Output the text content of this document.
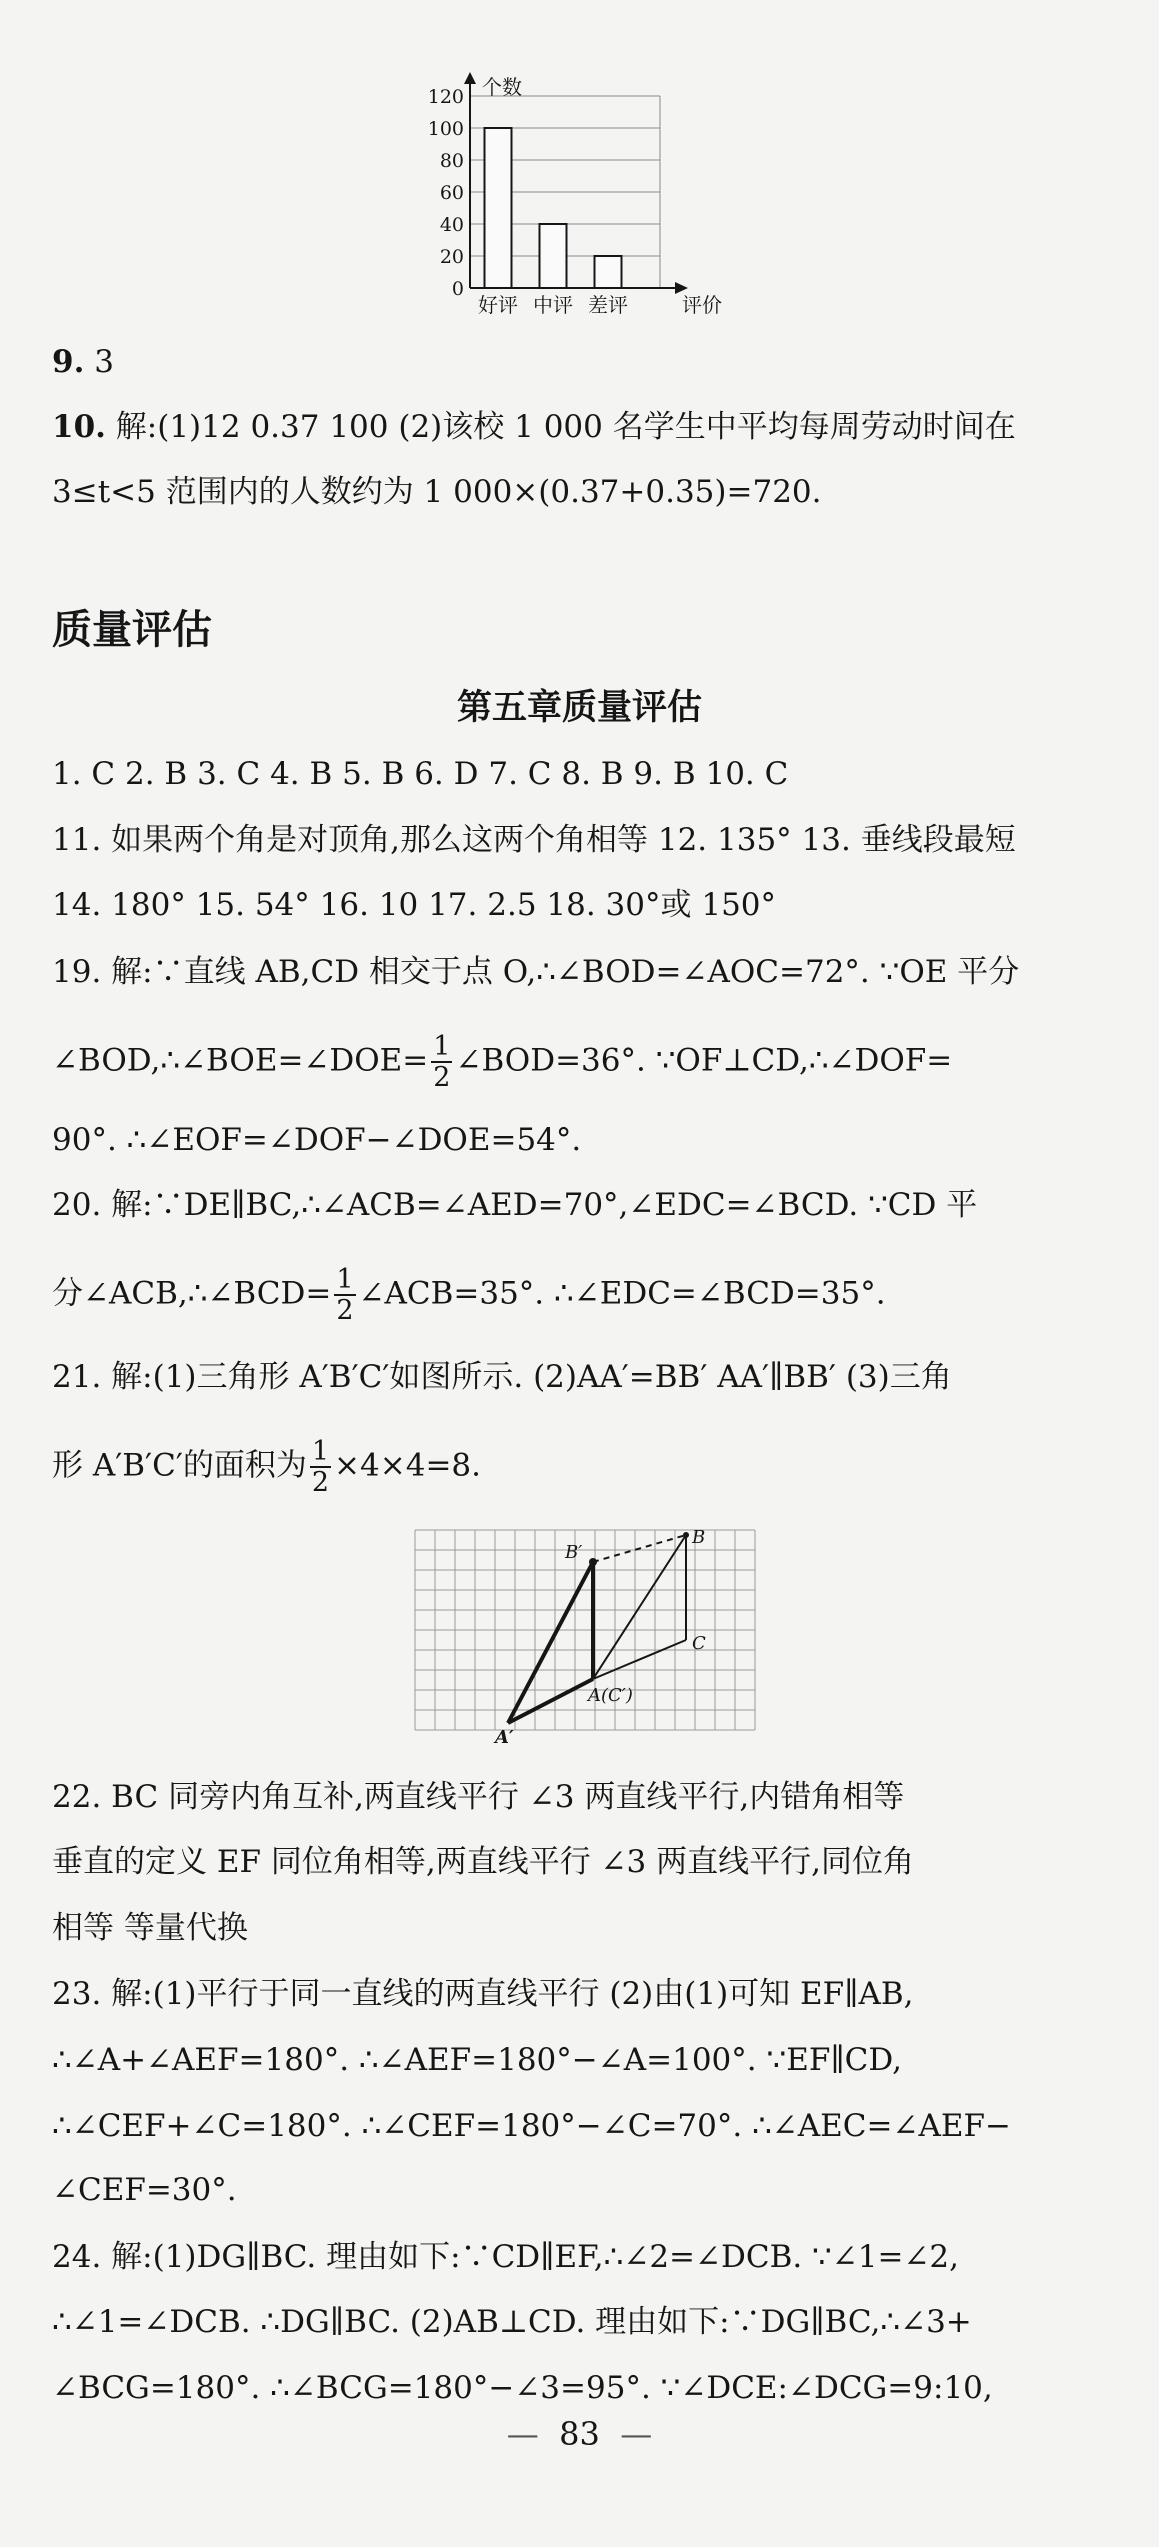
0
20
40
60
80
100
120
好评 中评 差评
个数
评价
9. 3
10. 解:(1)12 0.37 100 (2)该校 1 000 名学生中平均每周劳动时间在
3≤t<5 范围内的人数约为 1 000×(0.37+0.35)=720.
质量评估
第五章质量评估
1. C 2. B 3. C 4. B 5. B 6. D 7. C 8. B 9. B 10. C
11. 如果两个角是对顶角,那么这两个角相等 12. 135° 13. 垂线段最短
14. 180° 15. 54° 16. 10 17. 2.5 18. 30°或 150°
19. 解:∵直线 AB,CD 相交于点 O,∴∠BOD=∠AOC=72°. ∵OE 平分
∠BOD,∴∠BOE=∠DOE= $\frac{1}{2}$ ∠BOD=36°. ∵OF⊥CD,∴∠DOF=
90°. ∴∠EOF=∠DOF−∠DOE=54°.
20. 解:∵DE∥BC,∴∠ACB=∠AED=70°,∠EDC=∠BCD. ∵CD 平
分∠ACB,∴∠BCD= $\frac{1}{2}$ ∠ACB=35°. ∴∠EDC=∠BCD=35°.
21. 解:(1)三角形 A′B′C′如图所示. (2)AA′=BB′ AA′∥BB′ (3)三角
形 A′B′C′的面积为 $\frac{1}{2} \times 4\times 4=8$.
B
B′
C
A(C′)
A′
22. BC 同旁内角互补,两直线平行 ∠3 两直线平行,内错角相等
垂直的定义 EF 同位角相等,两直线平行 ∠3 两直线平行,同位角
相等 等量代换
23. 解:(1)平行于同一直线的两直线平行 (2)由(1)可知 EF∥AB,
∴∠A+∠AEF=180°. ∴∠AEF=180°−∠A=100°. ∵EF∥CD,
∴∠CEF+∠C=180°. ∴∠CEF=180°−∠C=70°. ∴∠AEC=∠AEF−
∠CEF=30°.
24. 解:(1)DG∥BC. 理由如下:∵CD∥EF,∴∠2=∠DCB. ∵∠1=∠2,
∴∠1=∠DCB. ∴DG∥BC. (2)AB⊥CD. 理由如下:∵DG∥BC,∴∠3+
∠BCG=180°. ∴∠BCG=180°−∠3=95°. ∵∠DCE:∠DCG=9:10,
— 83 —
